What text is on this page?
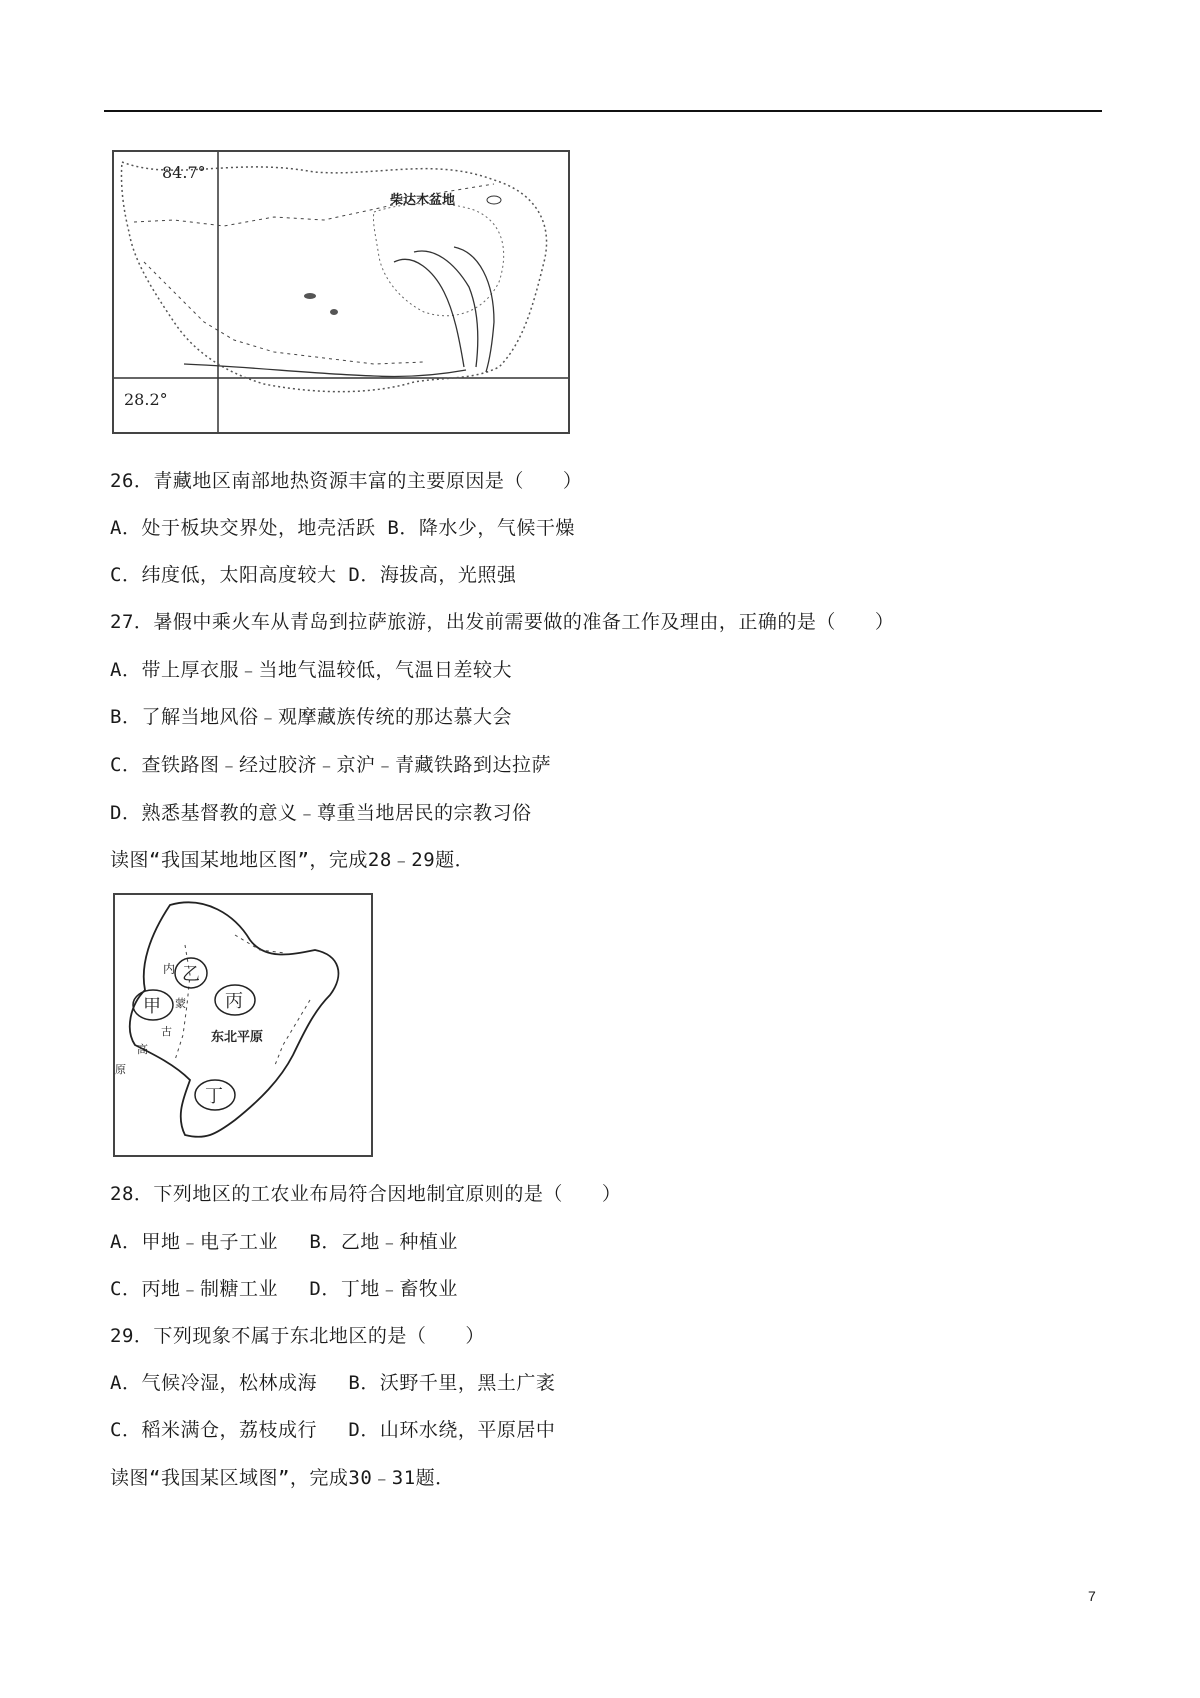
84.7°
28.2°
柴达木盆地
甲
乙
丙
丁
内
蒙
古
高
原
东北平原
26．青藏地区南部地热资源丰富的主要原因是（　　）
A．处于板块交界处，地壳活跃 B．降水少，气候干燥
C．纬度低，太阳高度较大 D．海拔高，光照强
27．暑假中乘火车从青岛到拉萨旅游，出发前需要做的准备工作及理由，正确的是（　　）
A．带上厚衣服﹣当地气温较低，气温日差较大
B．了解当地风俗﹣观摩藏族传统的那达慕大会
C．查铁路图﹣经过胶济﹣京沪﹣青藏铁路到达拉萨
D．熟悉基督教的意义﹣尊重当地居民的宗教习俗
读图“我国某地地区图”，完成28﹣29题．
28．下列地区的工农业布局符合因地制宜原则的是（　　）
A．甲地﹣电子工业　 B．乙地﹣种植业
C．丙地﹣制糖工业　 D．丁地﹣畜牧业
29．下列现象不属于东北地区的是（　　）
A．气候冷湿，松林成海　 B．沃野千里，黑土广袤
C．稻米满仓，荔枝成行　 D．山环水绕，平原居中
读图“我国某区域图”，完成30﹣31题．
7
